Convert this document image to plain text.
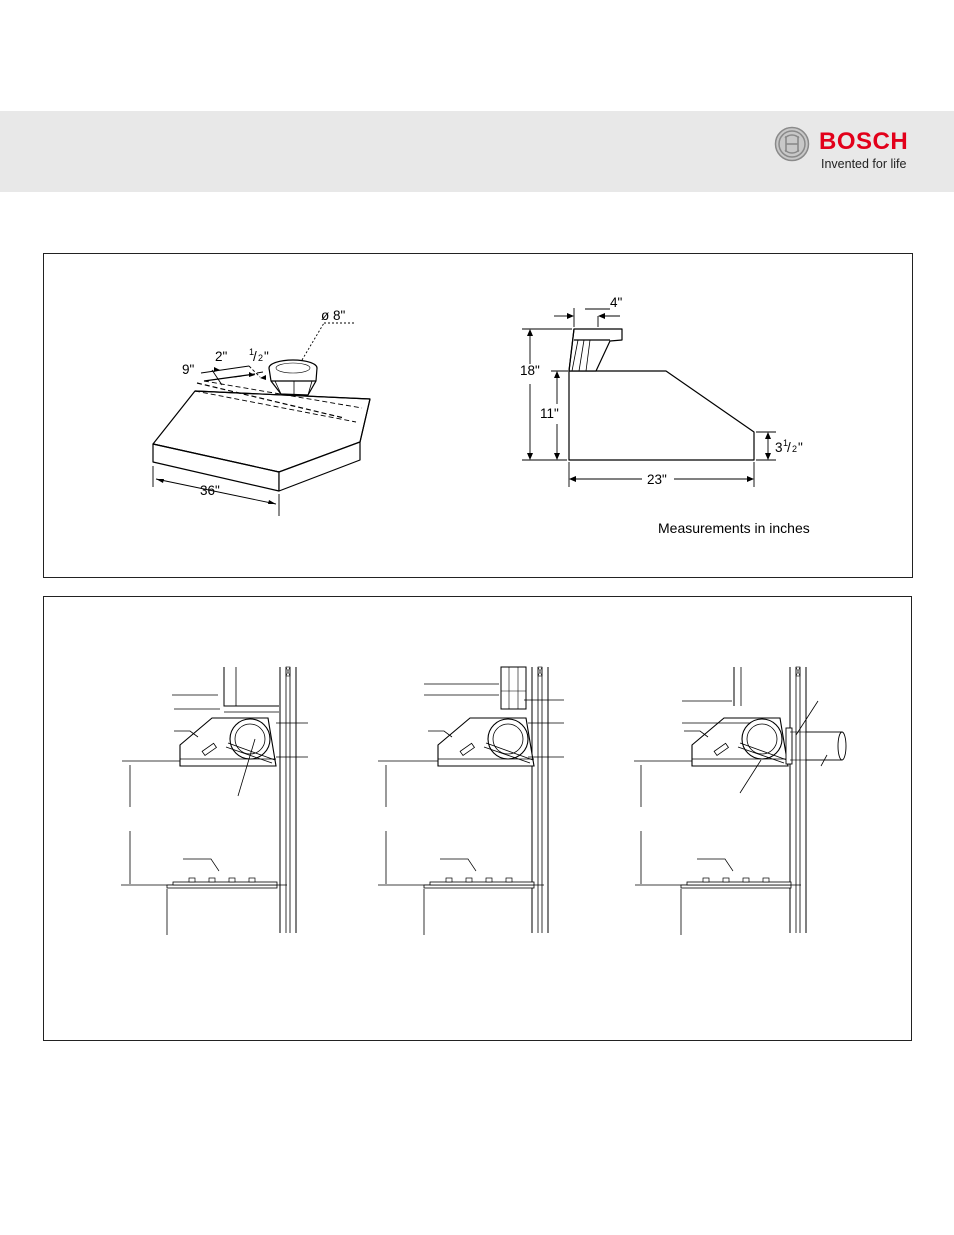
BOSCH
Invented for life
9"
2" 1
/ 2 "
ø 8"
36"
4"
18"
11"
3 1
/ 2 "
23"
Measurements in inches
